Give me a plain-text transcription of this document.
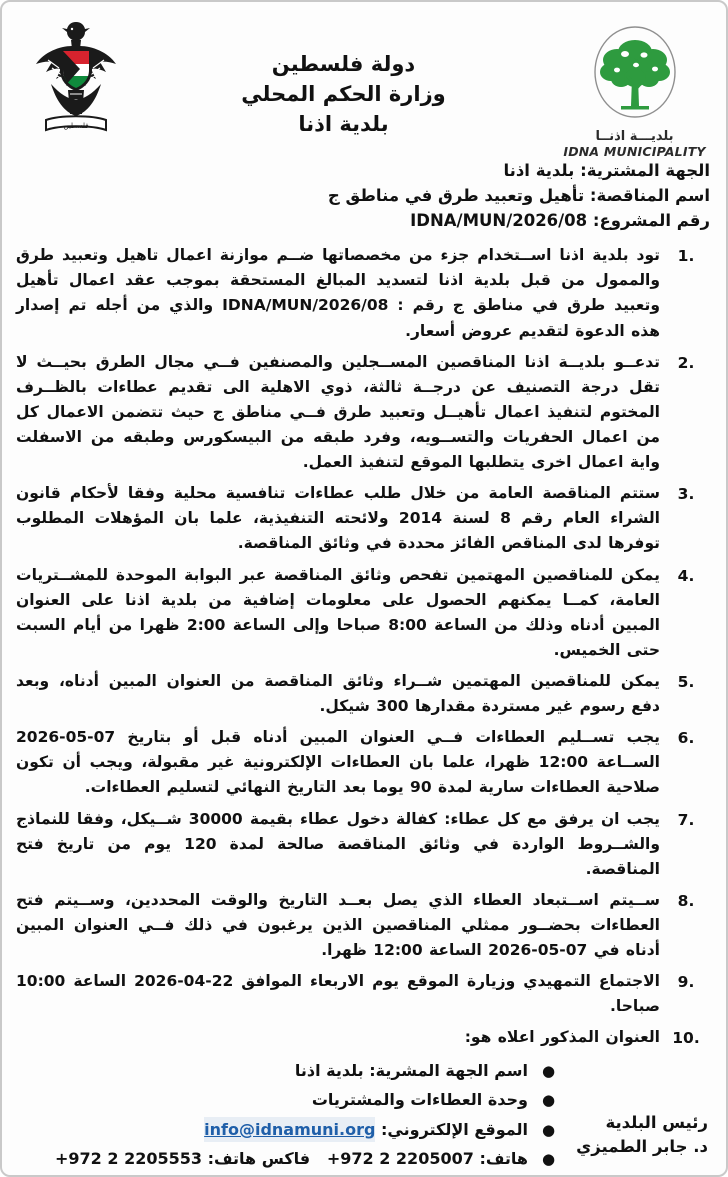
فلسطين
دولة فلسطين
وزارة الحكم المحلي
بلدية اذنا
بلديـــة اذنــا
IDNA MUNICIPALITY
الجهة المشترية: بلدية اذنا
اسم المناقصة: تأهيل وتعبيد طرق في مناطق ج
رقم المشروع: IDNA/MUN/2026/08
1.
تود بلدية اذنا اســتخدام جزء من مخصصاتها ضــم موازنة اعمال تاهيل وتعبيد طرق والممول من قبل بلدية اذنا لتسديد المبالغ المستحقة بموجب عقد اعمال تأهيل وتعبيد طرق في مناطق ج رقم : IDNA/MUN/2026/08 والذي من أجله تم إصدار هذه الدعوة لتقديم عروض أسعار.
2.
تدعــو بلديــة اذنا المناقصين المســجلين والمصنفين فــي مجال الطرق بحيــث لا تقل درجة التصنيف عن درجــة ثالثة، ذوي الاهلية الى تقديم عطاءات بالظــرف المختوم لتنفيذ اعمال تأهيــل وتعبيد طرق فــي مناطق ج حيث تتضمن الاعمال كل من اعمال الحفريات والتســويه، وفرد طبقه من البيسكورس وطبقه من الاسفلت واية اعمال اخرى يتطلبها الموقع لتنفيذ العمل.
3.
ستتم المناقصة العامة من خلال طلب عطاءات تنافسية محلية وفقا لأحكام قانون الشراء العام رقم 8 لسنة 2014 ولائحته التنفيذية، علما بان المؤهلات المطلوب توفرها لدى المناقص الفائز محددة في وثائق المناقصة.
4.
يمكن للمناقصين المهتمين تفحص وثائق المناقصة عبر البوابة الموحدة للمشــتريات العامة، كمــا يمكنهم الحصول على معلومات إضافية من بلدية اذنا على العنوان المبين أدناه وذلك من الساعة 8:00 صباحا وإلى الساعة 2:00 ظهرا من أيام السبت حتى الخميس.
5.
يمكن للمناقصين المهتمين شــراء وثائق المناقصة من العنوان المبين أدناه، وبعد دفع رسوم غير مستردة مقدارها 300 شيكل.
6.
يجب تســليم العطاءات فــي العنوان المبين أدناه قبل أو بتاريخ 07-05-2026 الســاعة 12:00 ظهرا، علما بان العطاءات الإلكترونية غير مقبولة، ويجب أن تكون صلاحية العطاءات سارية لمدة 90 يوما بعد التاريخ النهائي لتسليم العطاءات.
7.
يجب ان يرفق مع كل عطاء: كفالة دخول عطاء بقيمة 30000 شــيكل، وفقا للنماذج والشــروط الواردة في وثائق المناقصة صالحة لمدة 120 يوم من تاريخ فتح المناقصة.
8.
ســيتم اســتبعاد العطاء الذي يصل بعــد التاريخ والوقت المحددين، وســيتم فتح العطاءات بحضــور ممثلي المناقصين الذين يرغبون في ذلك فــي العنوان المبين أدناه في 07-05-2026 الساعة 12:00 ظهرا.
9.
الاجتماع التمهيدي وزيارة الموقع يوم الاربعاء الموافق 22-04-2026 الساعة 10:00 صباحا.
10.
العنوان المذكور اعلاه هو:
●
اسم الجهة المشرية: بلدية اذنا
●
وحدة العطاءات والمشتريات
●
الموقع الإلكتروني: info@idnamuni.org
●
هاتف: +972 2 2205007   فاكس هاتف: +972 2 2205553
رئيس البلدية
د. جابر الطميزي
